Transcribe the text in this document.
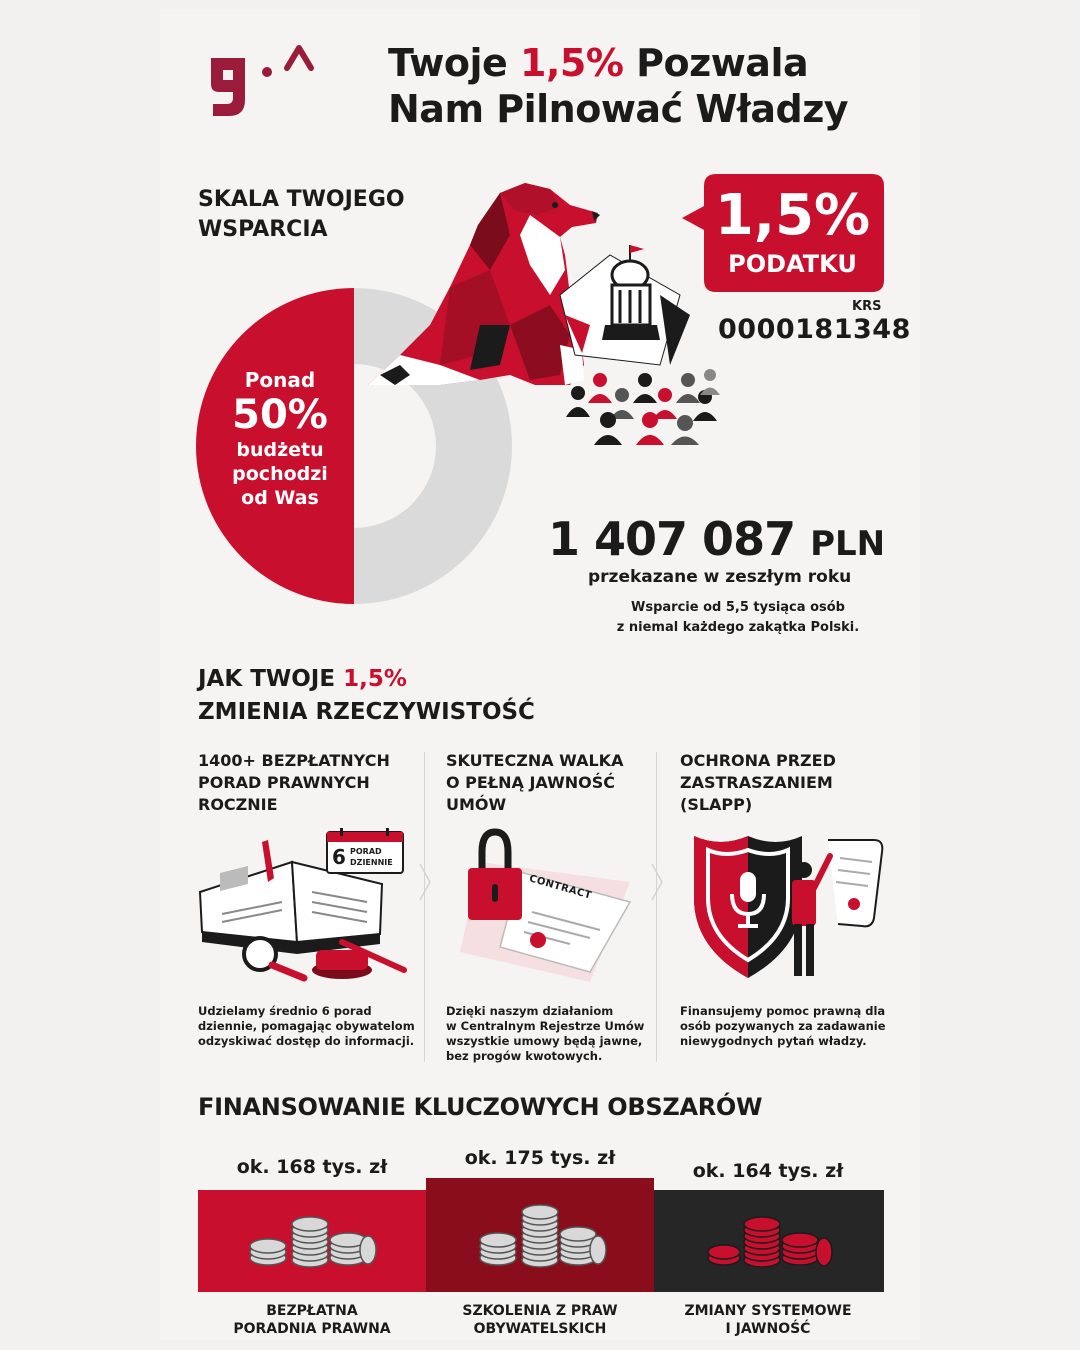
Twoje 1,5% Pozwala
Nam Pilnować Władzy
SKALA TWOJEGO
WSPARCIA
Ponad
50%
budżetu
pochodzi
od Was
1,5%
PODATKU
KRS
0000181348
1 407 087 PLN
przekazane w zeszłym roku
Wsparcie od 5,5 tysiąca osób
z niemal każdego zakątka Polski.
JAK TWOJE 1,5%
ZMIENIA RZECZYWISTOŚĆ
1400+ BEZPŁATNYCH
PORAD PRAWNYCH
ROCZNIE
6 PORAD
DZIENNIE
Udzielamy średnio 6 porad
dziennie, pomagając obywatelom
odzyskiwać dostęp do informacji.
SKUTECZNA WALKA
O PEŁNĄ JAWNOŚĆ
UMÓW
CONTRACT
Dzięki naszym działaniom
w Centralnym Rejestrze Umów
wszystkie umowy będą jawne,
bez progów kwotowych.
OCHRONA PRZED
ZASTRASZANIEM
(SLAPP)
Finansujemy pomoc prawną dla
osób pozywanych za zadawanie
niewygodnych pytań władzy.
FINANSOWANIE KLUCZOWYCH OBSZARÓW
ok. 168 tys. zł	ok. 175 tys. zł
ok. 164 tys. zł
BEZPŁATNA
PORADNIA PRAWNA
SZKOLENIA Z PRAW
OBYWATELSKICH
ZMIANY SYSTEMOWE
I JAWNOŚĆ
